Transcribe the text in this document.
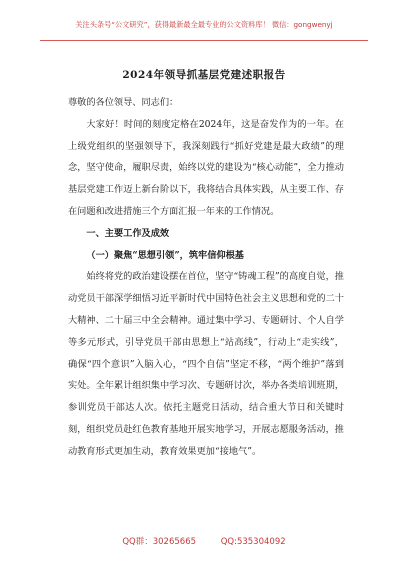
关注头条号“公文研究”，获得最新最全最专业的公文资料库！ 微信：gongwenyj
2024年领导抓基层党建述职报告

尊敬的各位领导、同志们：

大家好！时间的刻度定格在2024年，这是奋发作为的一年。在上级党组织的坚强领导下，我深刻践行“抓好党建是最大政绩”的理念，坚守使命，履职尽责，始终以党的建设为“核心动能”，全力推动基层党建工作迈上新台阶以下，我将结合具体实践，从主要工作、存在问题和改进措施三个方面汇报一年来的工作情况。

一、主要工作及成效

（一）聚焦“思想引领”，筑牢信仰根基

始终将党的政治建设摆在首位，坚守“铸魂工程”的高度自觉，推动党员干部深学细悟习近平新时代中国特色社会主义思想和党的二十大精神、二十届三中全会精神。通过集中学习、专题研讨、个人自学等多元形式，引导党员干部由思想上“站高线”，行动上“走实线”，确保“四个意识”入脑入心，“四个自信”坚定不移，“两个维护”落到实处。全年累计组织集中学习次、专题研讨次，举办各类培训班期，参训党员干部达人次。依托主题党日活动，结合重大节日和关键时刻，组织党员赴红色教育基地开展实地学习，开展志愿服务活动，推动教育形式更加生动，教育效果更加“接地气”。

QQ群：30265665	QQ:535304092
